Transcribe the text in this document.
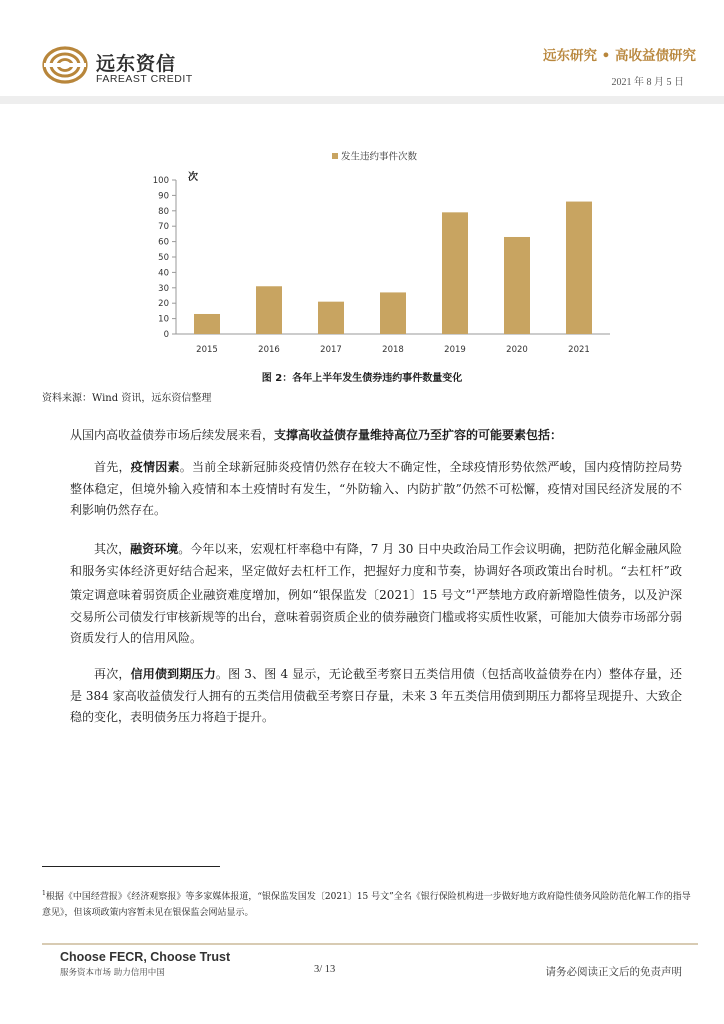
远东资信
FAREAST CREDIT
远东研究 • 高收益债研究
2021 年 8 月 5 日
发生违约事件次数
次
0
10
20
30
40
50
60
70
80
90
100
2015	2016	2017	2018	2019	2020	2021
图 2：各年上半年发生债券违约事件数量变化
资料来源：Wind 资讯，远东资信整理

从国内高收益债券市场后续发展来看，支撑高收益债存量维持高位乃至扩容的可能要素包括：

首先，疫情因素。当前全球新冠肺炎疫情仍然存在较大不确定性，全球疫情形势依然严峻，国内疫情防控局势整体稳定，但境外输入疫情和本土疫情时有发生，“外防输入、内防扩散”仍然不可松懈，疫情对国民经济发展的不利影响仍然存在。

其次，融资环境。今年以来，宏观杠杆率稳中有降，7 月 30 日中央政治局工作会议明确，把防范化解金融风险和服务实体经济更好结合起来，坚定做好去杠杆工作，把握好力度和节奏，协调好各项政策出台时机。“去杠杆”政策定调意味着弱资质企业融资难度增加，例如“银保监发〔2021〕15 号文”$^1$严禁地方政府新增隐性债务，以及沪深交易所公司债发行审核新规等的出台，意味着弱资质企业的债券融资门槛或将实质性收紧，可能加大债券市场部分弱资质发行人的信用风险。

再次，信用债到期压力。图 3、图 4 显示，无论截至考察日五类信用债（包括高收益债券在内）整体存量，还是 384 家高收益债发行人拥有的五类信用债截至考察日存量，未来 3 年五类信用债到期压力都将呈现提升、大致企稳的变化，表明债务压力将趋于提升。

$^1$根据《中国经营报》《经济观察报》等多家媒体报道，“银保监发国发〔2021〕15 号文”全名《银行保险机构进一步做好地方政府隐性债务风险防范化解工作的指导意见》，但该项政策内容暂未见在银保监会网站显示。

Choose FECR, Choose Trust
服务资本市场 助力信用中国	3/ 13	请务必阅读正文后的免责声明
